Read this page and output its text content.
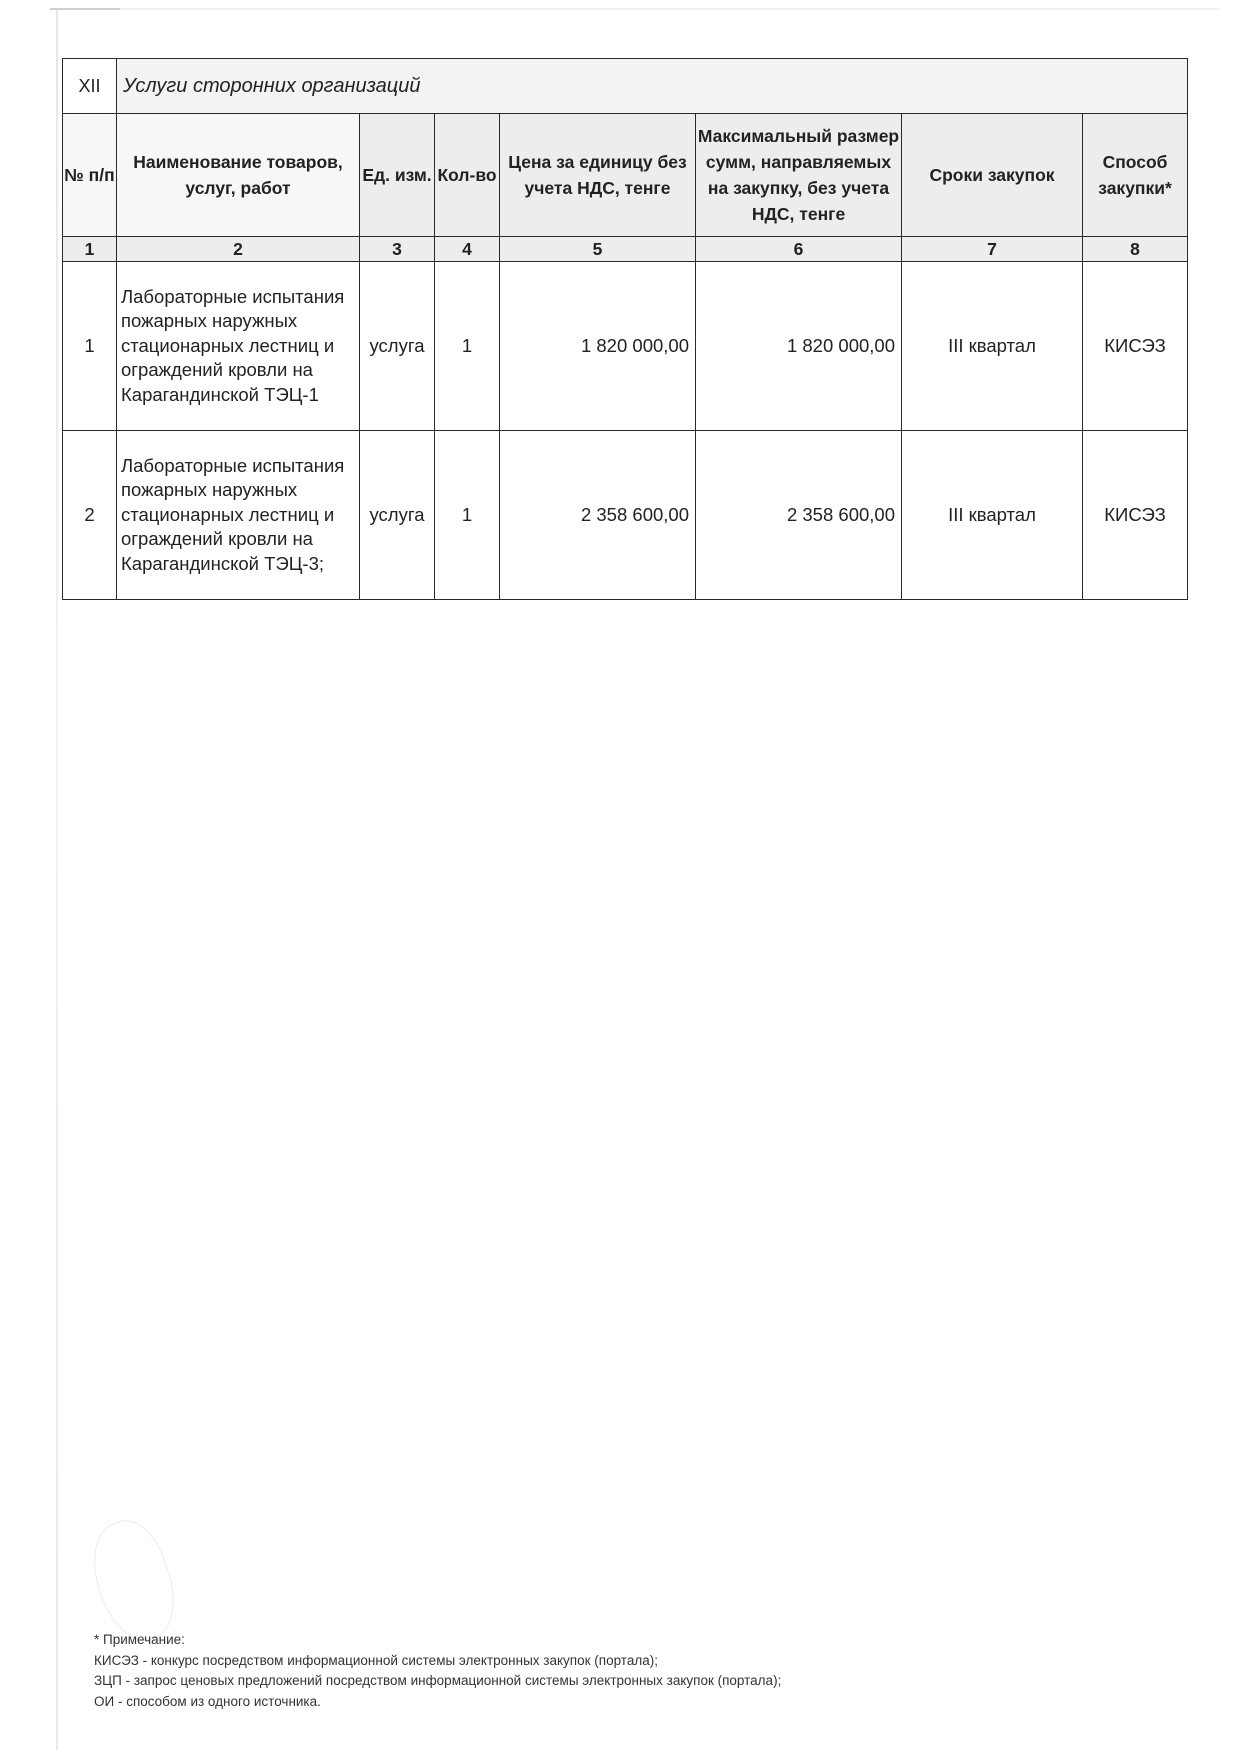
XII	Услуги сторонних организаций						
№ п/п	Наименование товаров, услуг, работ	Ед. изм.	Кол-во	Цена за единицу без учета НДС, тенге	Максимальный размер сумм, направляемых на закупку, без учета НДС, тенге	Сроки закупок	Способ закупки*
1	2	3	4	5	6	7	8
1	Лабораторные испытания пожарных наружных стационарных лестниц и ограждений кровли на Карагандинской ТЭЦ-1	услуга	1	1 820 000,00	1 820 000,00	III квартал	КИСЭЗ
2	Лабораторные испытания пожарных наружных стационарных лестниц и ограждений кровли на Карагандинской ТЭЦ-3;	услуга	1	2 358 600,00	2 358 600,00	III квартал	КИСЭЗ
* Примечание:
КИСЭЗ - конкурс посредством информационной системы электронных закупок (портала);
ЗЦП - запрос ценовых предложений посредством информационной системы электронных закупок (портала);
ОИ - способом из одного источника.
